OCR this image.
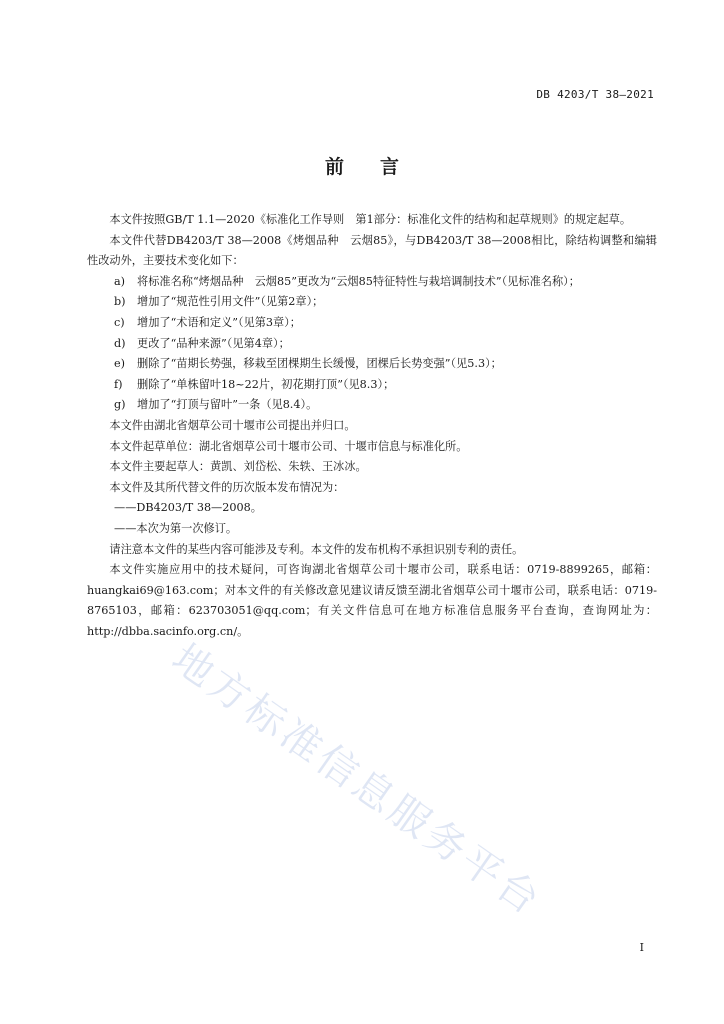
DB 4203/T 38—2021
前言

本文件按照GB/T 1.1—2020《标准化工作导则　第1部分：标准化文件的结构和起草规则》的规定起草。

本文件代替DB4203/T 38—2008《烤烟品种　云烟85》，与DB4203/T 38—2008相比，除结构调整和编辑性改动外，主要技术变化如下：

a) 将标准名称“烤烟品种　云烟85”更改为“云烟85特征特性与栽培调制技术”（见标准名称）；
b) 增加了“规范性引用文件”（见第2章）；
c) 增加了“术语和定义”（见第3章）；
d) 更改了“品种来源”（见第4章）；
e) 删除了“苗期长势强，移栽至团棵期生长缓慢，团棵后长势变强”（见5.3）；
f) 删除了“单株留叶18~22片，初花期打顶”（见8.3）；
g) 增加了“打顶与留叶”一条（见8.4）。

本文件由湖北省烟草公司十堰市公司提出并归口。

本文件起草单位：湖北省烟草公司十堰市公司、十堰市信息与标准化所。

本文件主要起草人：黄凯、刘岱松、朱轶、王冰冰。

本文件及其所代替文件的历次版本发布情况为：

——DB4203/T 38—2008。

——本次为第一次修订。

请注意本文件的某些内容可能涉及专利。本文件的发布机构不承担识别专利的责任。

本文件实施应用中的技术疑问，可咨询湖北省烟草公司十堰市公司，联系电话：0719-8899265，邮箱：huangkai69@163.com；对本文件的有关修改意见建议请反馈至湖北省烟草公司十堰市公司，联系电话：0719-8765103，邮箱：623703051@qq.com；有关文件信息可在地方标准信息服务平台查询，查询网址为：http://dbba.sacinfo.org.cn/。

地方标准信息服务平台
I
